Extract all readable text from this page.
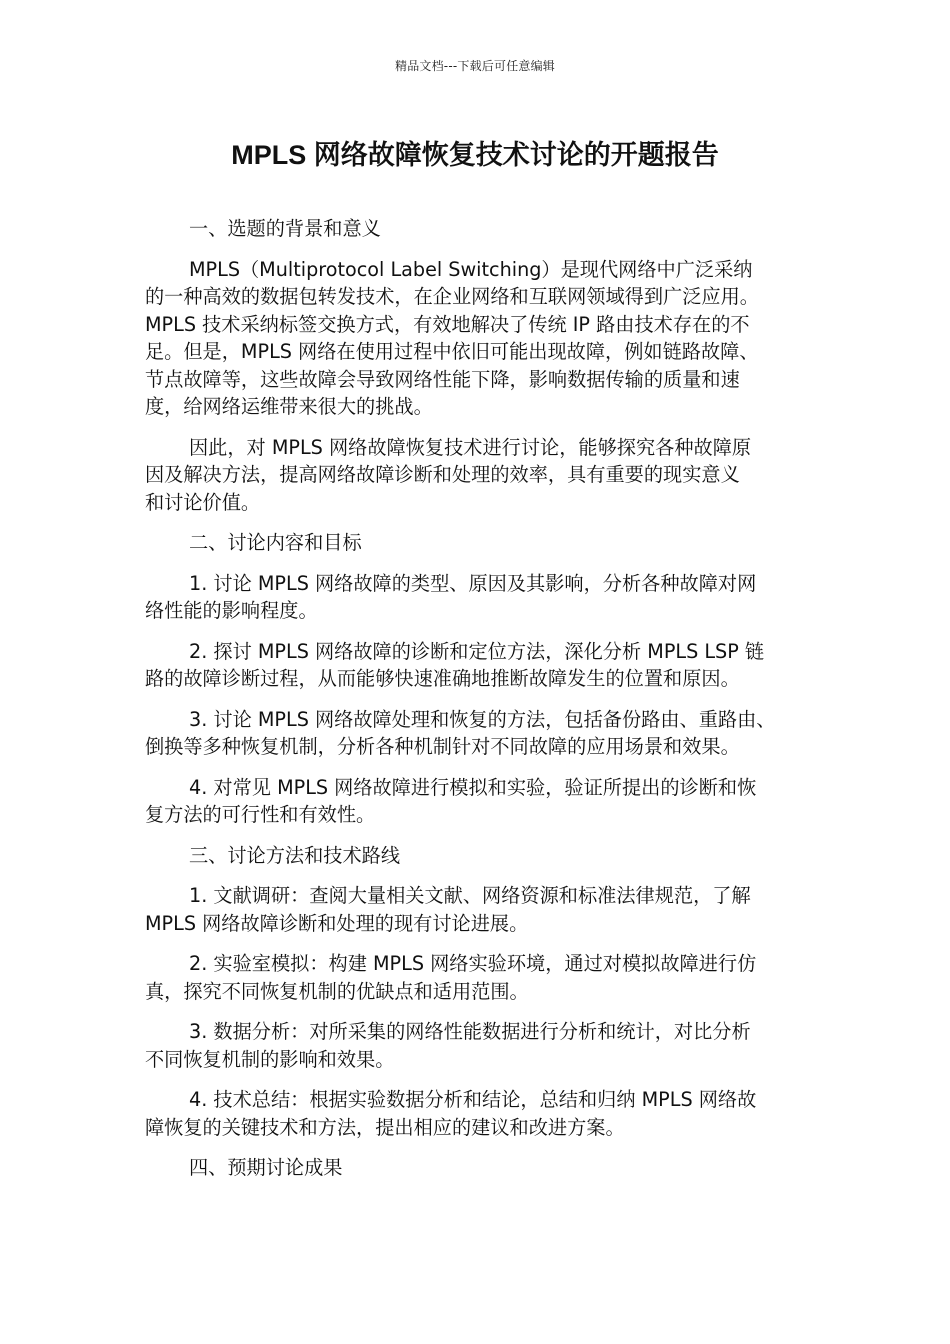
精品文档---下载后可任意编辑
MPLS 网络故障恢复技术讨论的开题报告

一、选题的背景和意义

MPLS（Multiprotocol Label Switching）是现代网络中广泛采纳
的一种高效的数据包转发技术，在企业网络和互联网领域得到广泛应用。
MPLS 技术采纳标签交换方式，有效地解决了传统 IP 路由技术存在的不
足。但是，MPLS 网络在使用过程中依旧可能出现故障，例如链路故障、
节点故障等，这些故障会导致网络性能下降，影响数据传输的质量和速
度，给网络运维带来很大的挑战。

因此，对 MPLS 网络故障恢复技术进行讨论，能够探究各种故障原
因及解决方法，提高网络故障诊断和处理的效率，具有重要的现实意义
和讨论价值。

二、讨论内容和目标

1. 讨论 MPLS 网络故障的类型、原因及其影响，分析各种故障对网
络性能的影响程度。

2. 探讨 MPLS 网络故障的诊断和定位方法，深化分析 MPLS LSP 链
路的故障诊断过程，从而能够快速准确地推断故障发生的位置和原因。

3. 讨论 MPLS 网络故障处理和恢复的方法，包括备份路由、重路由、
倒换等多种恢复机制，分析各种机制针对不同故障的应用场景和效果。

4. 对常见 MPLS 网络故障进行模拟和实验，验证所提出的诊断和恢
复方法的可行性和有效性。

三、讨论方法和技术路线

1. 文献调研：查阅大量相关文献、网络资源和标准法律规范，了解
MPLS 网络故障诊断和处理的现有讨论进展。

2. 实验室模拟：构建 MPLS 网络实验环境，通过对模拟故障进行仿
真，探究不同恢复机制的优缺点和适用范围。

3. 数据分析：对所采集的网络性能数据进行分析和统计，对比分析
不同恢复机制的影响和效果。

4. 技术总结：根据实验数据分析和结论，总结和归纳 MPLS 网络故
障恢复的关键技术和方法，提出相应的建议和改进方案。

四、预期讨论成果
